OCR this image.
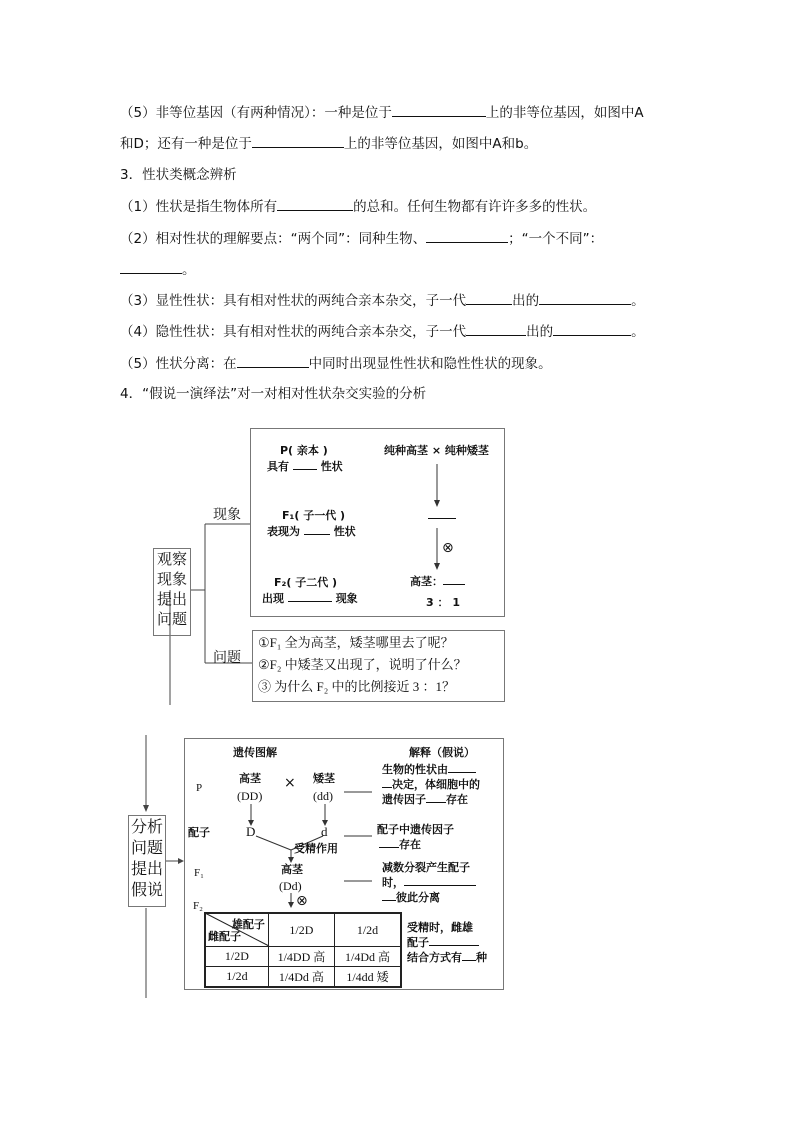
（5）非等位基因（有两种情况）：一种是位于	上的非等位基因，如图中A
和D；还有一种是位于	上的非等位基因，如图中A和b。
3．性状类概念辨析
（1）性状是指生物体所有	的总和。任何生物都有许许多多的性状。
（2）相对性状的理解要点：“两个同”：同种生物、	；“一个不同”：
。
（3）显性性状：具有相对性状的两纯合亲本杂交，子一代	出的	。
（4）隐性性状：具有相对性状的两纯合亲本杂交，子一代	出的	。
（5）性状分离：在	中同时出现显性性状和隐性性状的现象。
4．“假说一演绎法”对一对相对性状杂交实验的分析
观察
现象
提出
问题
现象
问题
P( 亲本 )
具有	性状
纯种高茎 × 纯种矮茎
F₁( 子一代 )
表现为	性状
⊗
F₂( 子二代 )
出现	现象
高茎：
3 ： 1
①F₁ 全为高茎，矮茎哪里去了呢？
②F₂ 中矮茎又出现了，说明了什么？
③ 为什么 F₂ 中的比例接近 3 ：1？
分析
问题
提出
假说
遗传图解	解释（假说）
P
高茎
(DD)
× 矮茎
(dd)
配子	D	d
受精作用
F₁	高茎
(Dd)
⊗
F₂
生物的性状由
决定，体细胞中的
遗传因子 存在
配子中遗传因子
存在
减数分裂产生配子
时，
彼此分离
受精时，雌雄
配子
结合方式有 种
雄配子
雌配子	1/2D	1/2d
1/2D	1/4DD 高	1/4Dd 高
1/2d	1/4Dd 高	1/4dd 矮
